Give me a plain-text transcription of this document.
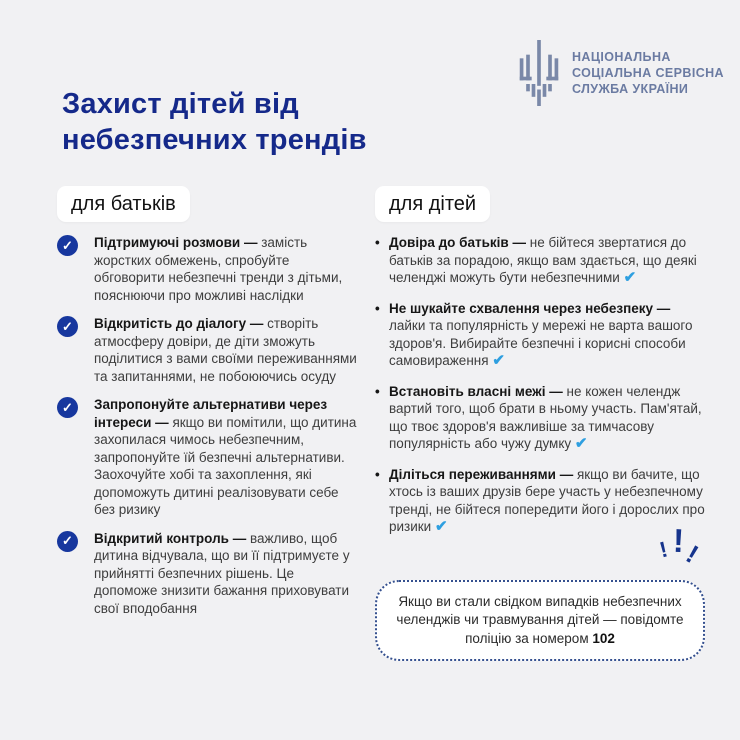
НАЦІОНАЛЬНА
СОЦІАЛЬНА СЕРВІСНА
СЛУЖБА УКРАЇНИ
Захист дітей від
небезпечних трендів
для батьків
✓ Підтримуючі розмови — замість жорстких обмежень, спробуйте обговорити небезпечні тренди з дітьми, пояснюючи про можливі наслідки
✓ Відкритість до діалогу — створіть атмосферу довіри, де діти зможуть поділитися з вами своїми переживаннями та запитаннями, не побоюючись осуду
✓ Запропонуйте альтернативи через інтереси — якщо ви помітили, що дитина захопилася чимось небезпечним, запропонуйте їй безпечні альтернативи. Заохочуйте хобі та захоплення, які допоможуть дитині реалізовувати себе без ризику
✓ Відкритий контроль — важливо, щоб дитина відчувала, що ви її підтримуєте у прийнятті безпечних рішень. Це допоможе знизити бажання приховувати свої вподобання
для дітей
• Довіра до батьків — не бійтеся звертатися до батьків за порадою, якщо вам здається, що деякі челенджі можуть бути небезпечними ✔
• Не шукайте схвалення через небезпеку — лайки та популярність у мережі не варта вашого здоров'я. Вибирайте безпечні і корисні способи самовираження ✔
• Встановіть власні межі — не кожен челендж вартий того, щоб брати в ньому участь. Пам'ятай, що твоє здоров'я важливіше за тимчасову популярність або чужу думку ✔
• Діліться переживаннями — якщо ви бачите, що хтось із ваших друзів бере участь у небезпечному тренді, не бійтеся попередити його і дорослих про ризики ✔
! !
!
Якщо ви стали свідком випадків небезпечних челенджів чи травмування дітей — повідомте поліцію за номером 102
